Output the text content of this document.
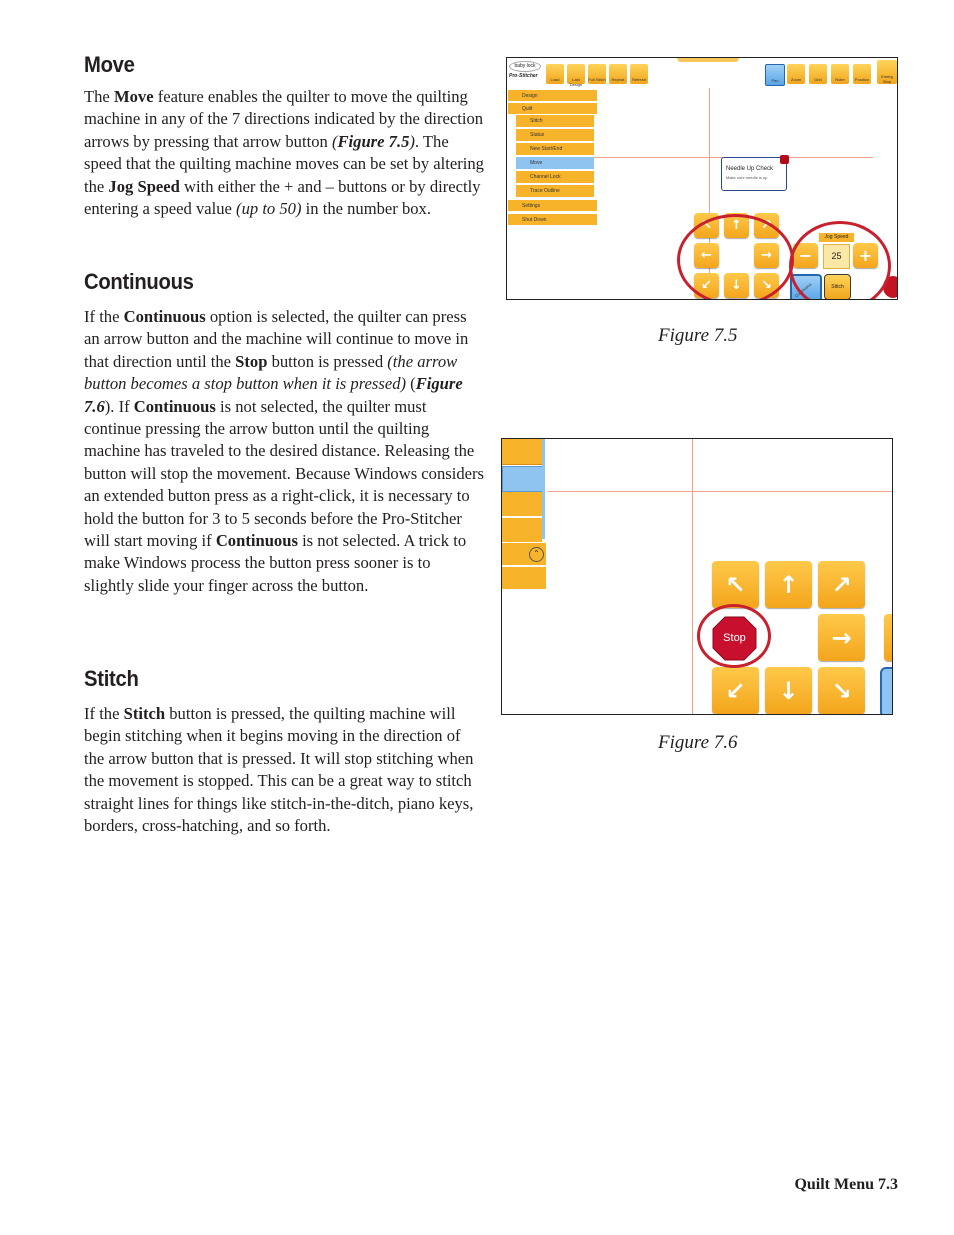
Move

The Move feature enables the quilter to move the quilting machine in any of the 7 directions indicated by the direction arrows by pressing that arrow button (Figure 7.5). The speed that the quilting machine moves can be set by altering the Jog Speed with either the + and – buttons or by directly entering a speed value (up to 50) in the number box.

Continuous

If the Continuous option is selected, the quilter can press an arrow button and the machine will continue to move in that direction until the Stop button is pressed (the arrow button becomes a stop button when it is pressed) (Figure 7.6). If Continuous is not selected, the quilter must continue pressing the arrow button until the quilting machine has traveled to the desired distance. Releasing the button will stop the movement. Because Windows considers an extended button press as a right-click, it is necessary to hold the button for 3 to 5 seconds before the Pro-Stitcher will start moving if Continuous is not selected. A trick to make Windows process the button press sooner is to slightly slide your finger across the button.

Stitch

If the Stitch button is pressed, the quilting machine will begin stitching when it begins moving in the direction of the arrow button that is pressed. It will stop stitching when the movement is stopped. This can be a great way to stitch straight lines for things like stitch-in-the-ditch, piano keys, borders, cross-hatching, and so forth.

baby lock
Pro-Stitcher
Load	Last Design
Full Stitch	Repeat	Refresh	Pan	Zoom	Grid	Ruler	Position
Emerg Stop
Design
Quilt
Stitch
Status
New Start/End
Move
Channel Lock
Trace Outline
Settings
Shut Down
Needle Up Check
Make sure needle is up
↖	↑	↗
←	→
↙	↓	↘
Jog Speed
−	25	+
Continuous	Stitch
Figure 7.5
⌃
↖	↑	↗
→
↙	↓	↘
Stop
Figure 7.6
Quilt Menu 7.3
